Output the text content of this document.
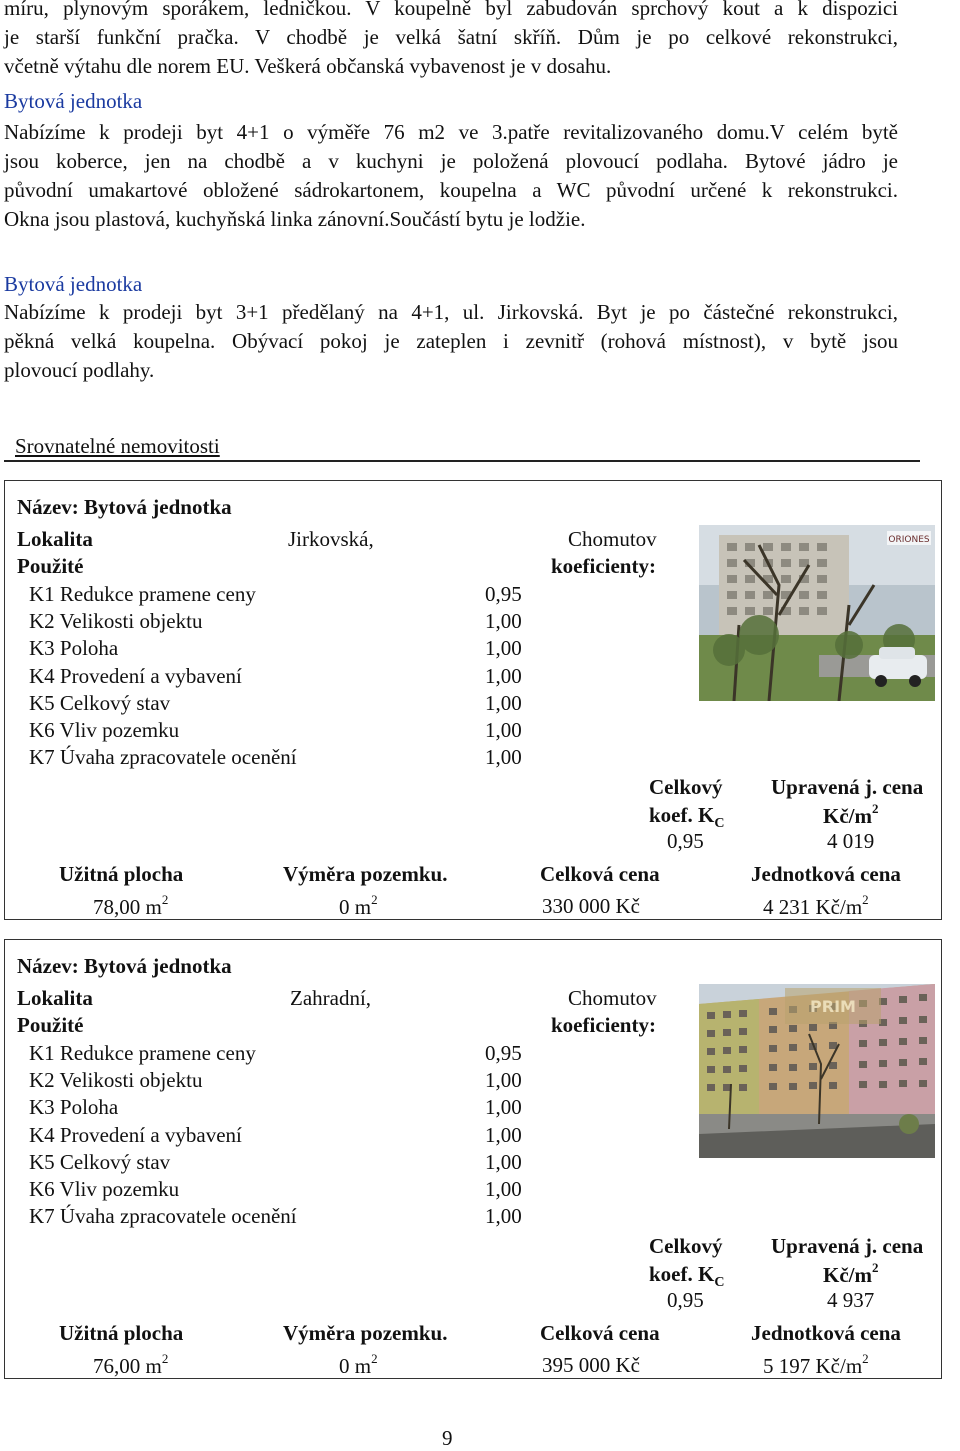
míru, plynovým sporákem, ledničkou. V koupelně byl zabudován sprchový kout a k dispozici
je starší funkční pračka. V chodbě je velká šatní skříň. Dům je po celkové rekonstrukci,
včetně výtahu dle norem EU. Veškerá občanská vybavenost je v dosahu.
Bytová jednotka
Nabízíme k prodeji byt 4+1 o výměře 76 m2 ve 3.patře revitalizovaného domu.V celém bytě
jsou koberce, jen na chodbě a v kuchyni je položená plovoucí podlaha. Bytové jádro je
původní umakartové obložené sádrokartonem, koupelna a WC původní určené k rekonstrukci.
Okna jsou plastová, kuchyňská linka zánovní.Součástí bytu je lodžie.
Bytová jednotka
Nabízíme k prodeji byt 3+1 předělaný na 4+1, ul. Jirkovská. Byt je po částečné rekonstrukci,
pěkná velká koupelna. Obývací pokoj je zateplen i zevnitř (rohová místnost), v bytě jsou
plovoucí podlahy.
Srovnatelné nemovitosti
Název: Bytová jednotka
Lokalita	Jirkovská,	Chomutov
Použité	koeficienty:
K1 Redukce pramene ceny	0,95
K2 Velikosti objektu	1,00
K3 Poloha	1,00
K4 Provedení a vybavení	1,00
K5 Celkový stav	1,00
K6 Vliv pozemku	1,00
K7 Úvaha zpracovatele ocenění	1,00
ORIONES
Celkový
koef. $K_C$
0,95
Upravená j. cena
$Kč/m^2$
4 019
Užitná plocha	Výměra pozemku.	Celková cena	Jednotková cena
78,00 $m^2$	0 $m^2$	330 000 Kč	4 231 $Kč/m^2$
Název: Bytová jednotka
Lokalita	Zahradní,	Chomutov
Použité	koeficienty:
K1 Redukce pramene ceny	0,95
K2 Velikosti objektu	1,00
K3 Poloha	1,00
K4 Provedení a vybavení	1,00
K5 Celkový stav	1,00
K6 Vliv pozemku	1,00
K7 Úvaha zpracovatele ocenění	1,00
PRIM
Celkový
koef. $K_C$
0,95
Upravená j. cena
$Kč/m^2$
4 937
Užitná plocha	Výměra pozemku.	Celková cena	Jednotková cena
76,00 $m^2$	0 $m^2$	395 000 Kč	5 197 $Kč/m^2$
9
